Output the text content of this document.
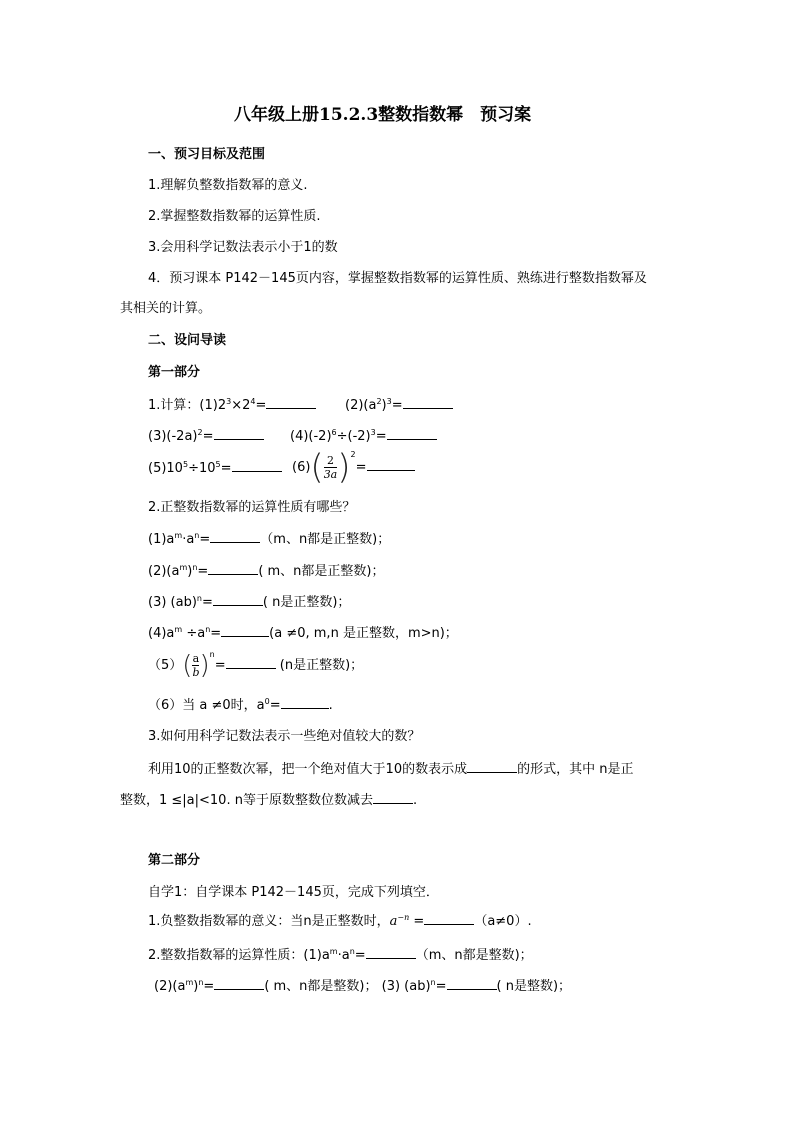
八年级上册15.2.3整数指数幂　预习案
一、预习目标及范围
1.理解负整数指数幂的意义.
2.掌握整数指数幂的运算性质.
3.会用科学记数法表示小于1的数
4．预习课本 P142－145页内容，掌握整数指数幂的运算性质、熟练进行整数指数幂及
其相关的计算。
二、设问导读
第一部分
1.计算：$(1)2^3\times 2^4=$	$(2)(a^2)^3=$
$(3)(-2a)^2=$	$(4)(-2)^6\div(-2)^3=$
$(5)10^5\div 10^5=$	$(6)( \frac{2}{3a} )^2=$
2.正整数指数幂的运算性质有哪些？
$(1)a^m\cdot a^n=$	（m、n都是正整数)；
$(2)(a^m)^n=$	( m、n都是正整数)；
(3) (ab)$^n$=	( n是正整数)；
$(4)a^m \div a^n=$	(a ≠0, m,n 是正整数，m>n)；
$(5)( \frac{a}{b} )^n=$	(n是正整数)；
（6）当 a ≠0时，$a^0=$	.
3.如何用科学记数法表示一些绝对值较大的数？
利用10的正整数次幂，把一个绝对值大于10的数表示成	的形式，其中 n是正
整数，1 ≤|a|<10. n等于原数整数位数减去	.
第二部分
自学1：自学课本 P142－145页，完成下列填空．
1.负整数指数幂的意义：当n是正整数时，$a^{-n}$ =	（a≠0）.
2.整数指数幂的运算性质：$(1)a^m\cdot a^n=$	（m、n都是整数)；
$(2)(a^m)^n=$	( m、n都是整数)； (3) (ab)$^n$=	( n是整数)；
